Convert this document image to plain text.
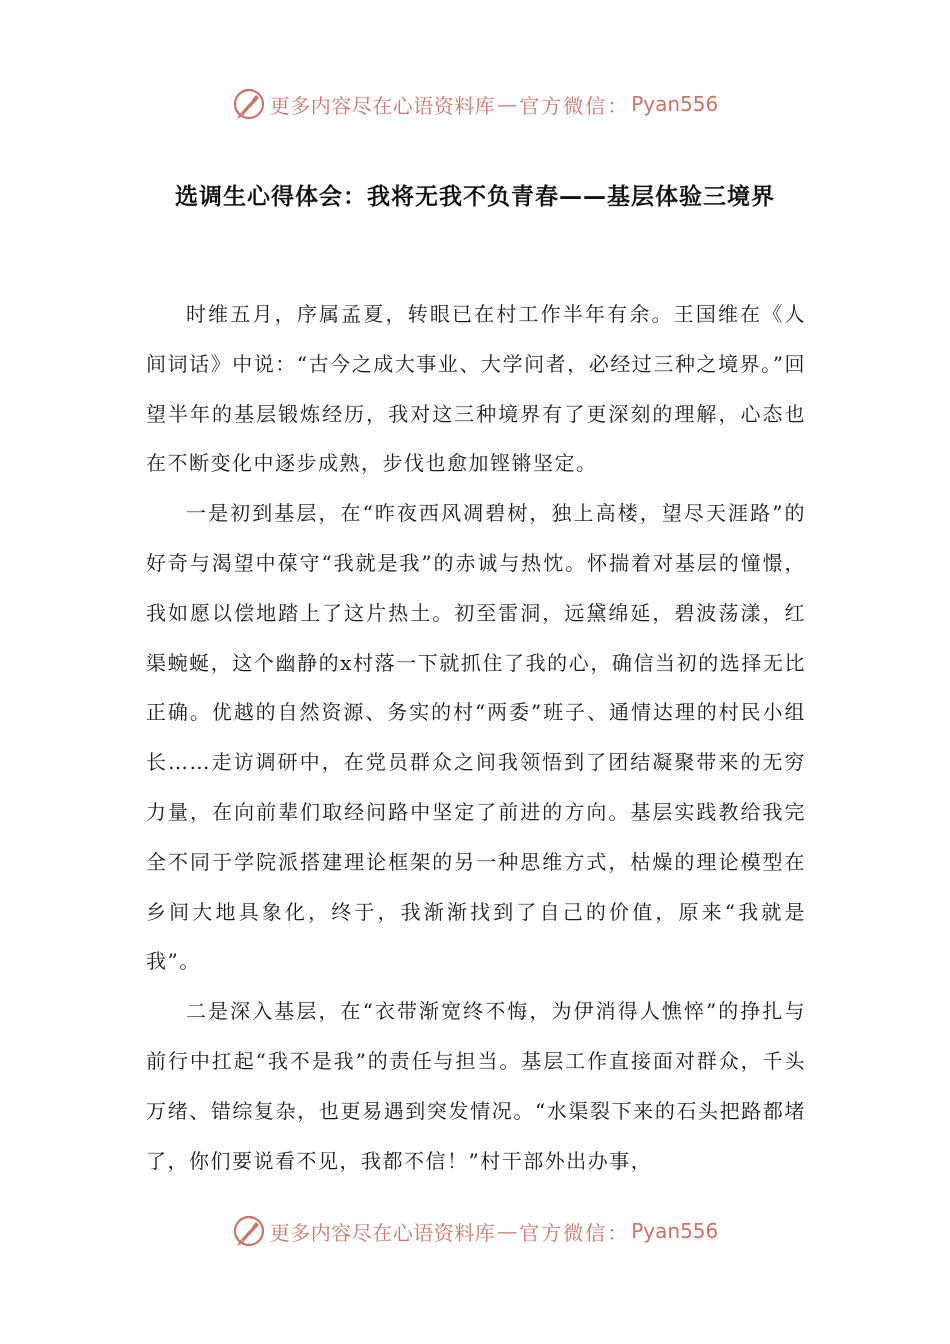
更多内容尽在心语资料库 — 官方微信： Pyan556
选调生心得体会：我将无我不负青春——基层体验三境界

时维五月，序属孟夏，转眼已在村工作半年有余。王国维在《人间词话》中说：“古今之成大事业、大学问者，必经过三种之境界。”回望半年的基层锻炼经历，我对这三种境界有了更深刻的理解，心态也在不断变化中逐步成熟，步伐也愈加铿锵坚定。

一是初到基层，在“昨夜西风凋碧树，独上高楼，望尽天涯路”的好奇与渴望中葆守“我就是我”的赤诚与热忱。怀揣着对基层的憧憬，我如愿以偿地踏上了这片热土。初至雷洞，远黛绵延，碧波荡漾，红渠蜿蜒，这个幽静的x村落一下就抓住了我的心，确信当初的选择无比正确。优越的自然资源、务实的村“两委”班子、通情达理的村民小组长……走访调研中，在党员群众之间我领悟到了团结凝聚带来的无穷力量，在向前辈们取经问路中坚定了前进的方向。基层实践教给我完全不同于学院派搭建理论框架的另一种思维方式，枯燥的理论模型在乡间大地具象化，终于，我渐渐找到了自己的价值，原来“我就是我”。

二是深入基层，在“衣带渐宽终不悔，为伊消得人憔悴”的挣扎与前行中扛起“我不是我”的责任与担当。基层工作直接面对群众，千头万绪、错综复杂，也更易遇到突发情况。“水渠裂下来的石头把路都堵了，你们要说看不见，我都不信！”村干部外出办事，

更多内容尽在心语资料库 — 官方微信： Pyan556
